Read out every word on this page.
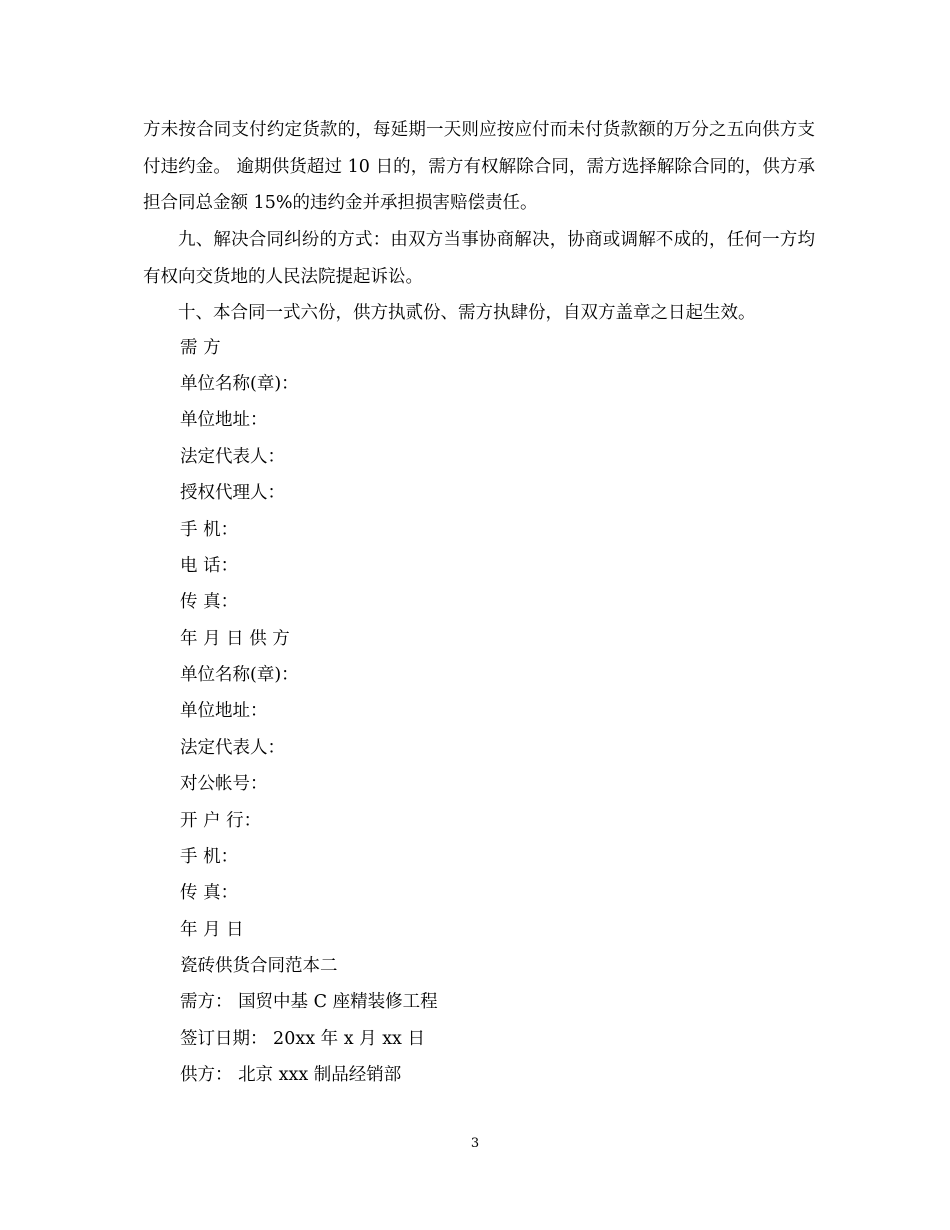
方未按合同支付约定货款的，每延期一天则应按应付而未付货款额的万分之五向供方支付违约金。 逾期供货超过 10 日的，需方有权解除合同，需方选择解除合同的，供方承担合同总金额 15%的违约金并承担损害赔偿责任。

九、解决合同纠纷的方式：由双方当事协商解决，协商或调解不成的，任何一方均有权向交货地的人民法院提起诉讼。

十、本合同一式六份，供方执贰份、需方执肆份，自双方盖章之日起生效。

需 方

单位名称(章)：

单位地址：

法定代表人：

授权代理人：

手 机：

电 话：

传 真：

年 月 日 供 方

单位名称(章)：

单位地址：

法定代表人：

对公帐号：

开 户 行：

手 机：

传 真：

年 月 日

瓷砖供货合同范本二

需方： 国贸中基 C 座精装修工程

签订日期： 20xx 年 x 月 xx 日

供方： 北京 xxx 制品经销部

3
